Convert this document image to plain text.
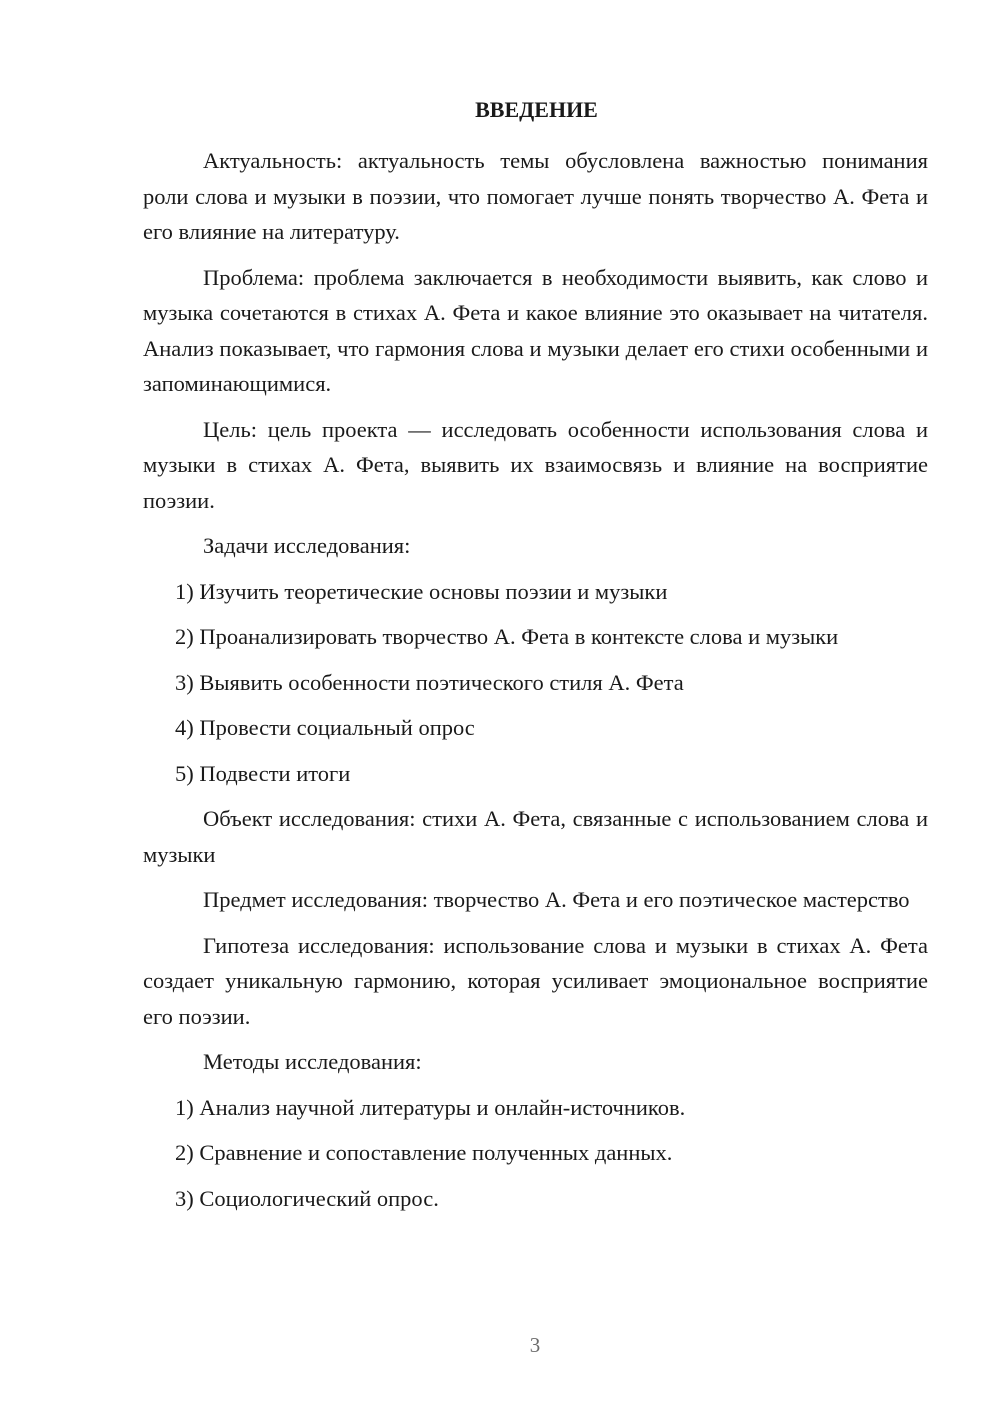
ВВЕДЕНИЕ

Актуальность: актуальность темы обусловлена важностью понимания роли слова и музыки в поэзии, что помогает лучше понять творчество А. Фета и его влияние на литературу.

Проблема: проблема заключается в необходимости выявить, как слово и музыка сочетаются в стихах А. Фета и какое влияние это оказывает на читателя. Анализ показывает, что гармония слова и музыки делает его стихи особенными и запоминающимися.

Цель: цель проекта — исследовать особенности использования слова и музыки в стихах А. Фета, выявить их взаимосвязь и влияние на восприятие поэзии.

Задачи исследования:

1) Изучить теоретические основы поэзии и музыки

2) Проанализировать творчество А. Фета в контексте слова и музыки

3) Выявить особенности поэтического стиля А. Фета

4) Провести социальный опрос

5) Подвести итоги

Объект исследования: стихи А. Фета, связанные с использованием слова и музыки

Предмет исследования: творчество А. Фета и его поэтическое мастерство

Гипотеза исследования: использование слова и музыки в стихах А. Фета создает уникальную гармонию, которая усиливает эмоциональное восприятие его поэзии.

Методы исследования:

1) Анализ научной литературы и онлайн-источников.

2) Сравнение и сопоставление полученных данных.

3) Социологический опрос.

3
